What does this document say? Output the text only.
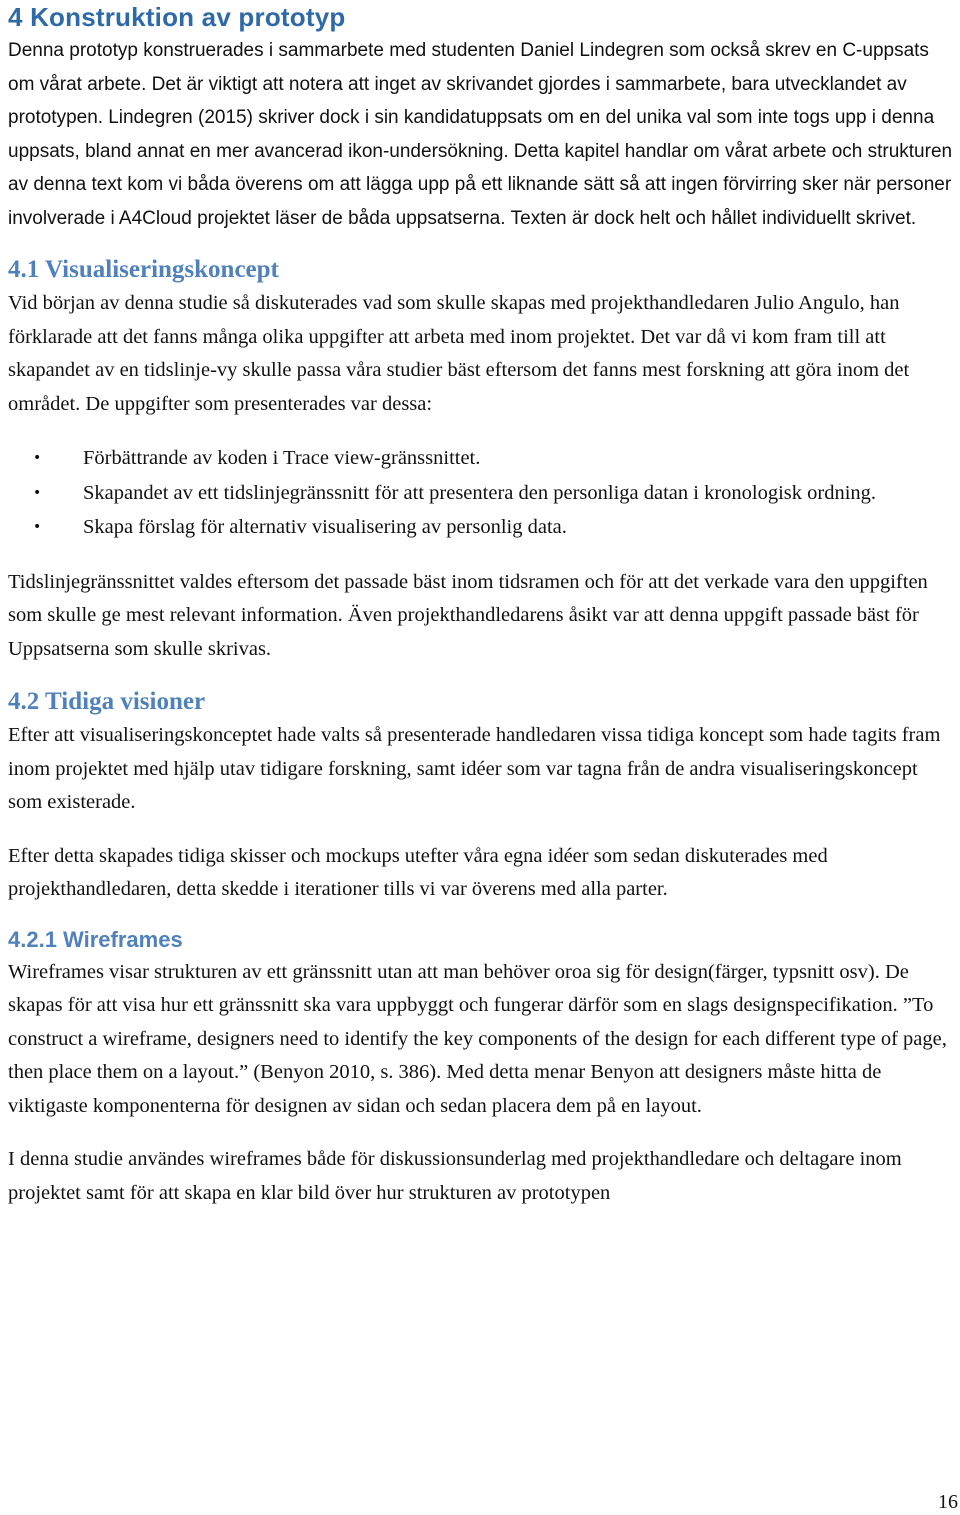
4 Konstruktion av prototyp

Denna prototyp konstruerades i sammarbete med studenten Daniel Lindegren som också skrev en C-uppsats om vårat arbete. Det är viktigt att notera att inget av skrivandet gjordes i sammarbete, bara utvecklandet av prototypen. Lindegren (2015) skriver dock i sin kandidatuppsats om en del unika val som inte togs upp i denna uppsats, bland annat en mer avancerad ikon-undersökning. Detta kapitel handlar om vårat arbete och strukturen av denna text kom vi båda överens om att lägga upp på ett liknande sätt så att ingen förvirring sker när personer involverade i A4Cloud projektet läser de båda uppsatserna. Texten är dock helt och hållet individuellt skrivet.

4.1 Visualiseringskoncept

Vid början av denna studie så diskuterades vad som skulle skapas med projekthandledaren Julio Angulo, han förklarade att det fanns många olika uppgifter att arbeta med inom projektet. Det var då vi kom fram till att skapandet av en tidslinje-vy skulle passa våra studier bäst eftersom det fanns mest forskning att göra inom det området. De uppgifter som presenterades var dessa:

• Förbättrande av koden i Trace view-gränssnittet.
• Skapandet av ett tidslinjegränssnitt för att presentera den personliga datan i kronologisk ordning.
• Skapa förslag för alternativ visualisering av personlig data.

Tidslinjegränssnittet valdes eftersom det passade bäst inom tidsramen och för att det verkade vara den uppgiften som skulle ge mest relevant information. Även projekthandledarens åsikt var att denna uppgift passade bäst för Uppsatserna som skulle skrivas.

4.2 Tidiga visioner

Efter att visualiseringskonceptet hade valts så presenterade handledaren vissa tidiga koncept som hade tagits fram inom projektet med hjälp utav tidigare forskning, samt idéer som var tagna från de andra visualiseringskoncept som existerade.

Efter detta skapades tidiga skisser och mockups utefter våra egna idéer som sedan diskuterades med projekthandledaren, detta skedde i iterationer tills vi var överens med alla parter.

4.2.1 Wireframes

Wireframes visar strukturen av ett gränssnitt utan att man behöver oroa sig för design(färger, typsnitt osv). De skapas för att visa hur ett gränssnitt ska vara uppbyggt och fungerar därför som en slags designspecifikation. ”To construct a wireframe, designers need to identify the key components of the design for each different type of page, then place them on a layout.” (Benyon 2010, s. 386). Med detta menar Benyon att designers måste hitta de viktigaste komponenterna för designen av sidan och sedan placera dem på en layout.

I denna studie användes wireframes både för diskussionsunderlag med projekthandledare och deltagare inom projektet samt för att skapa en klar bild över hur strukturen av prototypen

16
